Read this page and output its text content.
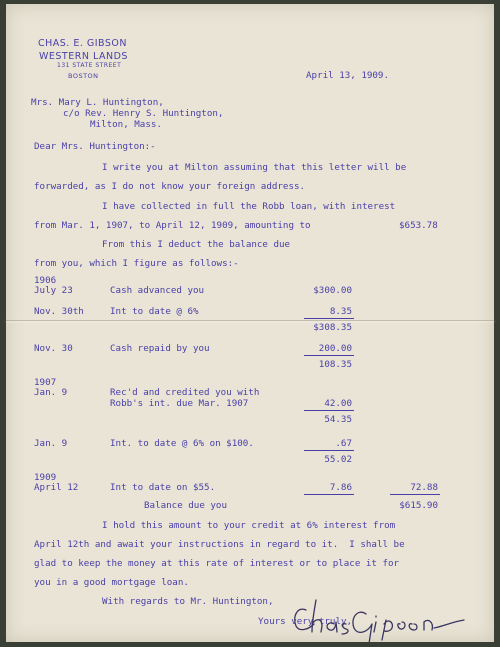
CHAS. E. GIBSON
WESTERN LANDS
131 STATE STREET
BOSTON	April 13, 1909.
Mrs. Mary L. Huntington,
c/o Rev. Henry S. Huntington,
Milton, Mass.
Dear Mrs. Huntington:-
I write you at Milton assuming that this letter will be
forwarded, as I do not know your foreign address.
I have collected in full the Robb loan, with interest
from Mar. 1, 1907, to April 12, 1909, amounting to	$653.78
From this I deduct the balance due
from you, which I figure as follows:-
1906
July 23	Cash advanced you	$300.00
Nov. 30th	Int to date @ 6%	8.35
$308.35
Nov. 30	Cash repaid by you	200.00
108.35
1907
Jan. 9	Rec'd and credited you with
Robb's int. due Mar. 1907	42.00
54.35
Jan. 9	Int. to date @ 6% on $100.	.67
55.02
1909
April 12	Int to date on $55.	7.86	72.88
Balance due you	$615.90
I hold this amount to your credit at 6% interest from
April 12th and await your instructions in regard to it.  I shall be
glad to keep the money at this rate of interest or to place it for
you in a good mortgage loan.
With regards to Mr. Huntington,
Yours very truly,
